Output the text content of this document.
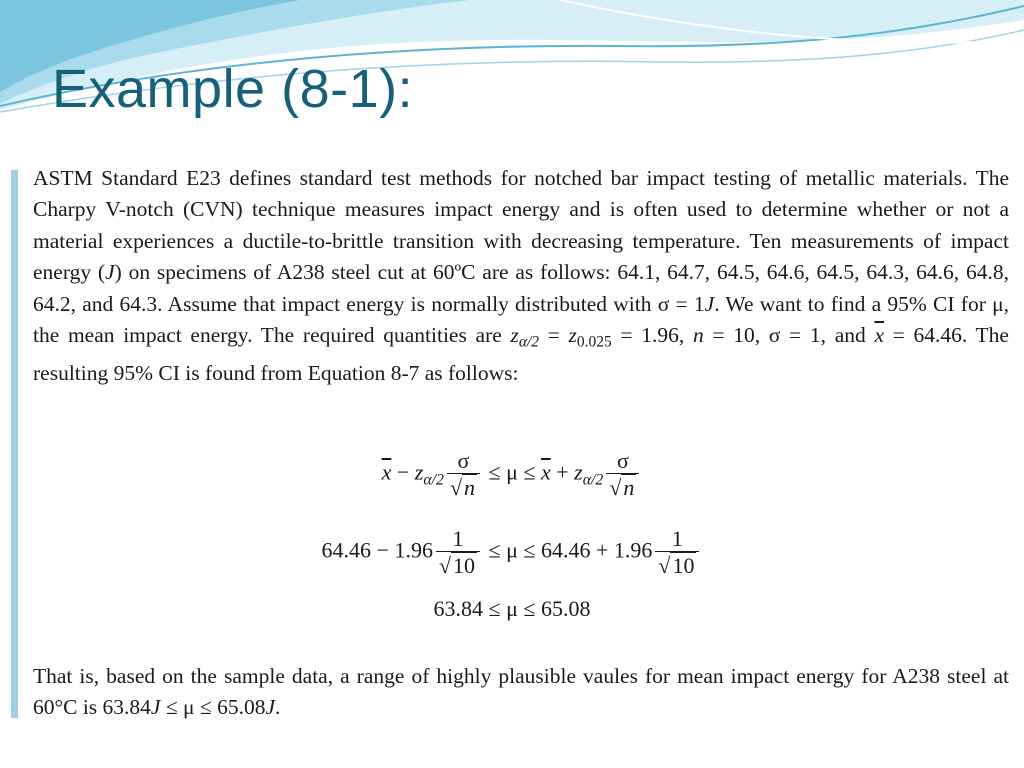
Example (8-1):

ASTM Standard E23 defines standard test methods for notched bar impact testing of metallic materials. The Charpy V-notch (CVN) technique measures impact energy and is often used to determine whether or not a material experiences a ductile-to-brittle transition with decreasing temperature. Ten measurements of impact energy (J) on specimens of A238 steel cut at 60ºC are as follows: 64.1, 64.7, 64.5, 64.6, 64.5, 64.3, 64.6, 64.8, 64.2, and 64.3. Assume that impact energy is normally distributed with σ = 1J. We want to find a 95% CI for μ, the mean impact energy. The required quantities are $z_{\alpha/2} = z_{0.025} = 1.96$, n = 10, σ = 1, and $\overline{x} = 64.46$. The resulting 95% CI is found from Equation 8-7 as follows:

$\overline{x} - z_{\alpha/2} \frac{\sigma}{√n} \le \mu \le \overline{x} + z_{\alpha/2} \frac{\sigma}{√n}$
$64.46 - 1.96 \frac{1}{√10} \le \mu \le 64.46 + 1.96 \frac{1}{√10}$
63.84 ≤ μ ≤ 65.08

That is, based on the sample data, a range of highly plausible vaules for mean impact energy for A238 steel at 60°C is 63.84J ≤ μ ≤ 65.08J.
